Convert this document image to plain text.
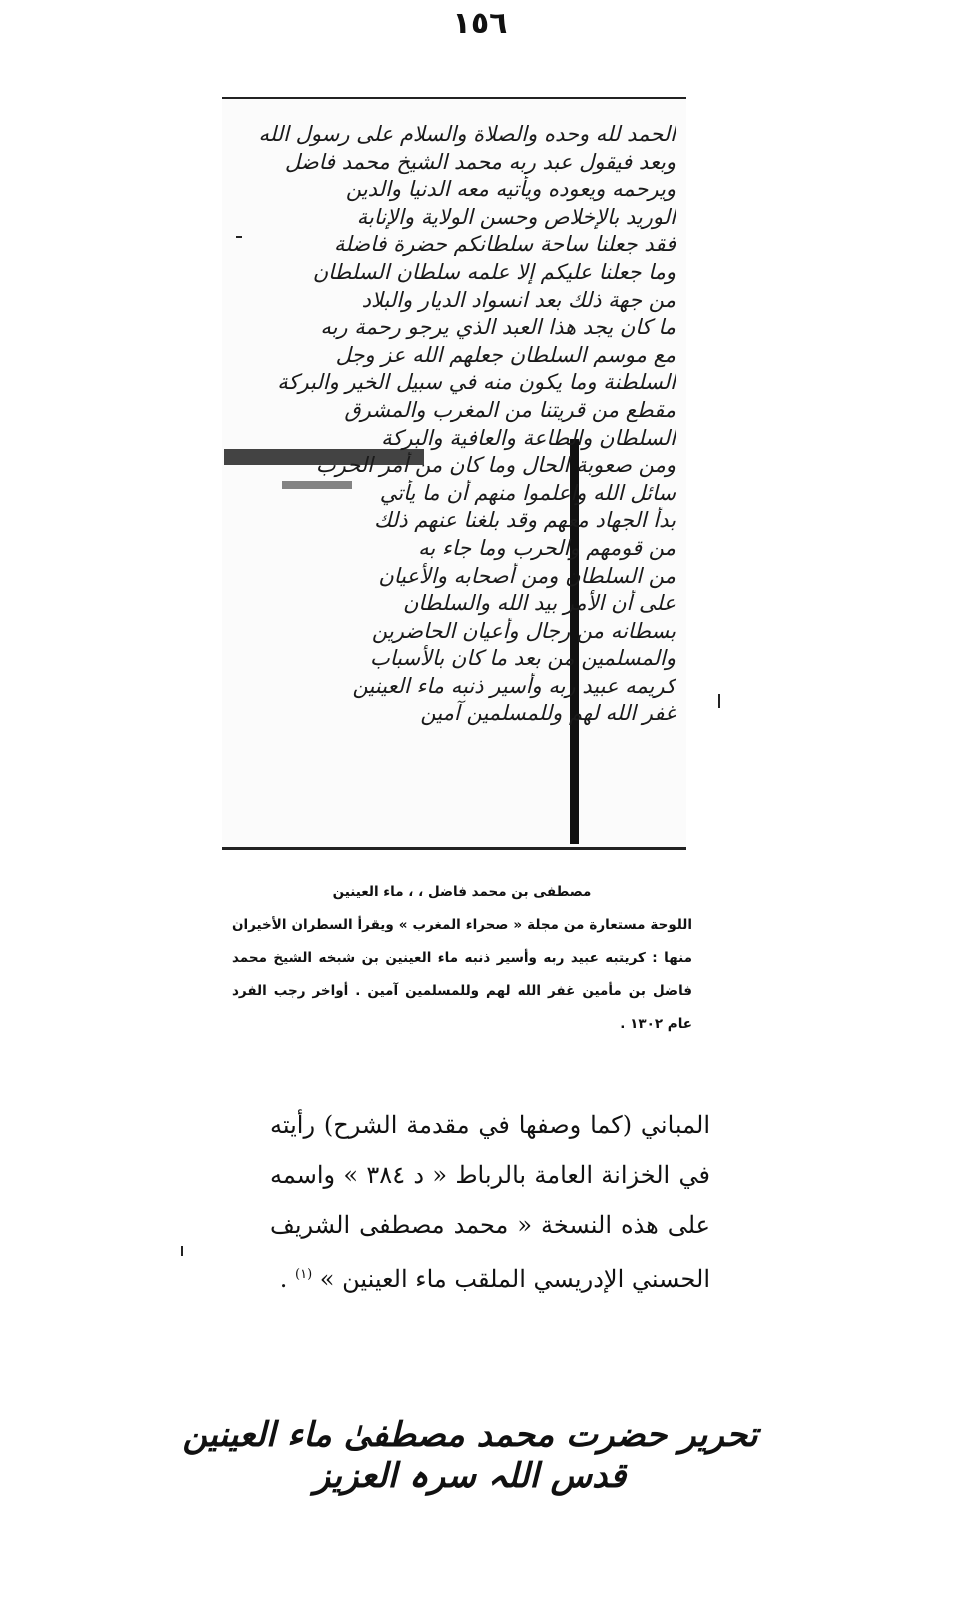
١٥٦
الحمد لله وحده والصلاة والسلام على رسول الله
وبعد فيقول عبد ربه محمد الشيخ محمد فاضل
ويرحمه ويعوده ويأتيه معه الدنيا والدين
الوريد بالإخلاص وحسن الولاية والإنابة
فقد جعلنا ساحة سلطانكم حضرة فاضلة
وما جعلنا عليكم إلا علمه سلطان السلطان
من جهة ذلك بعد انسواد الديار والبلاد
ما كان يجد هذا العبد الذي يرجو رحمة ربه
مع موسم السلطان جعلهم الله عز وجل
السلطنة وما يكون منه في سبيل الخير والبركة
مقطع من قريتنا من المغرب والمشرق
السلطان والطاعة والعافية والبركة
ومن صعوبة الحال وما كان من أمر الحرب
سائل الله واعلموا منهم أن ما يأتي
بدأ الجهاد معهم وقد بلغنا عنهم ذلك
من قومهم والحرب وما جاء به
من السلطان ومن أصحابه والأعيان
على أن الأمر بيد الله والسلطان
بسطانه من رجال وأعيان الحاضرين
والمسلمين من بعد ما كان بالأسباب
كريمه عبيد ربه وأسير ذنبه ماء العينين
غفر الله لهم وللمسلمين آمين
مصطفى بن محمد فاضل ، ، ماء العينين
اللوحة مستعارة من مجلة « صحراء المغرب » ويقرأ السطران الأخيران منها : كريتبه عبيد ربه وأسير ذنبه ماء العينين بن شبخه الشيخ محمد فاضل بن مأمين غفر الله لهم وللمسلمين آمين . أواخر رجب الفرد عام ١٣٠٢ .
المباني (كما وصفها في مقدمة الشرح) رأيته في الخزانة العامة بالرباط « د ٣٨٤ » واسمه على هذه النسخة « محمد مصطفى الشريف الحسني الإدريسي الملقب ماء العينين » $^{(١)}$ .
تحریر حضرت محمد مصطفیٰ ماء العینین قدس اللہ سرہ العزیز
